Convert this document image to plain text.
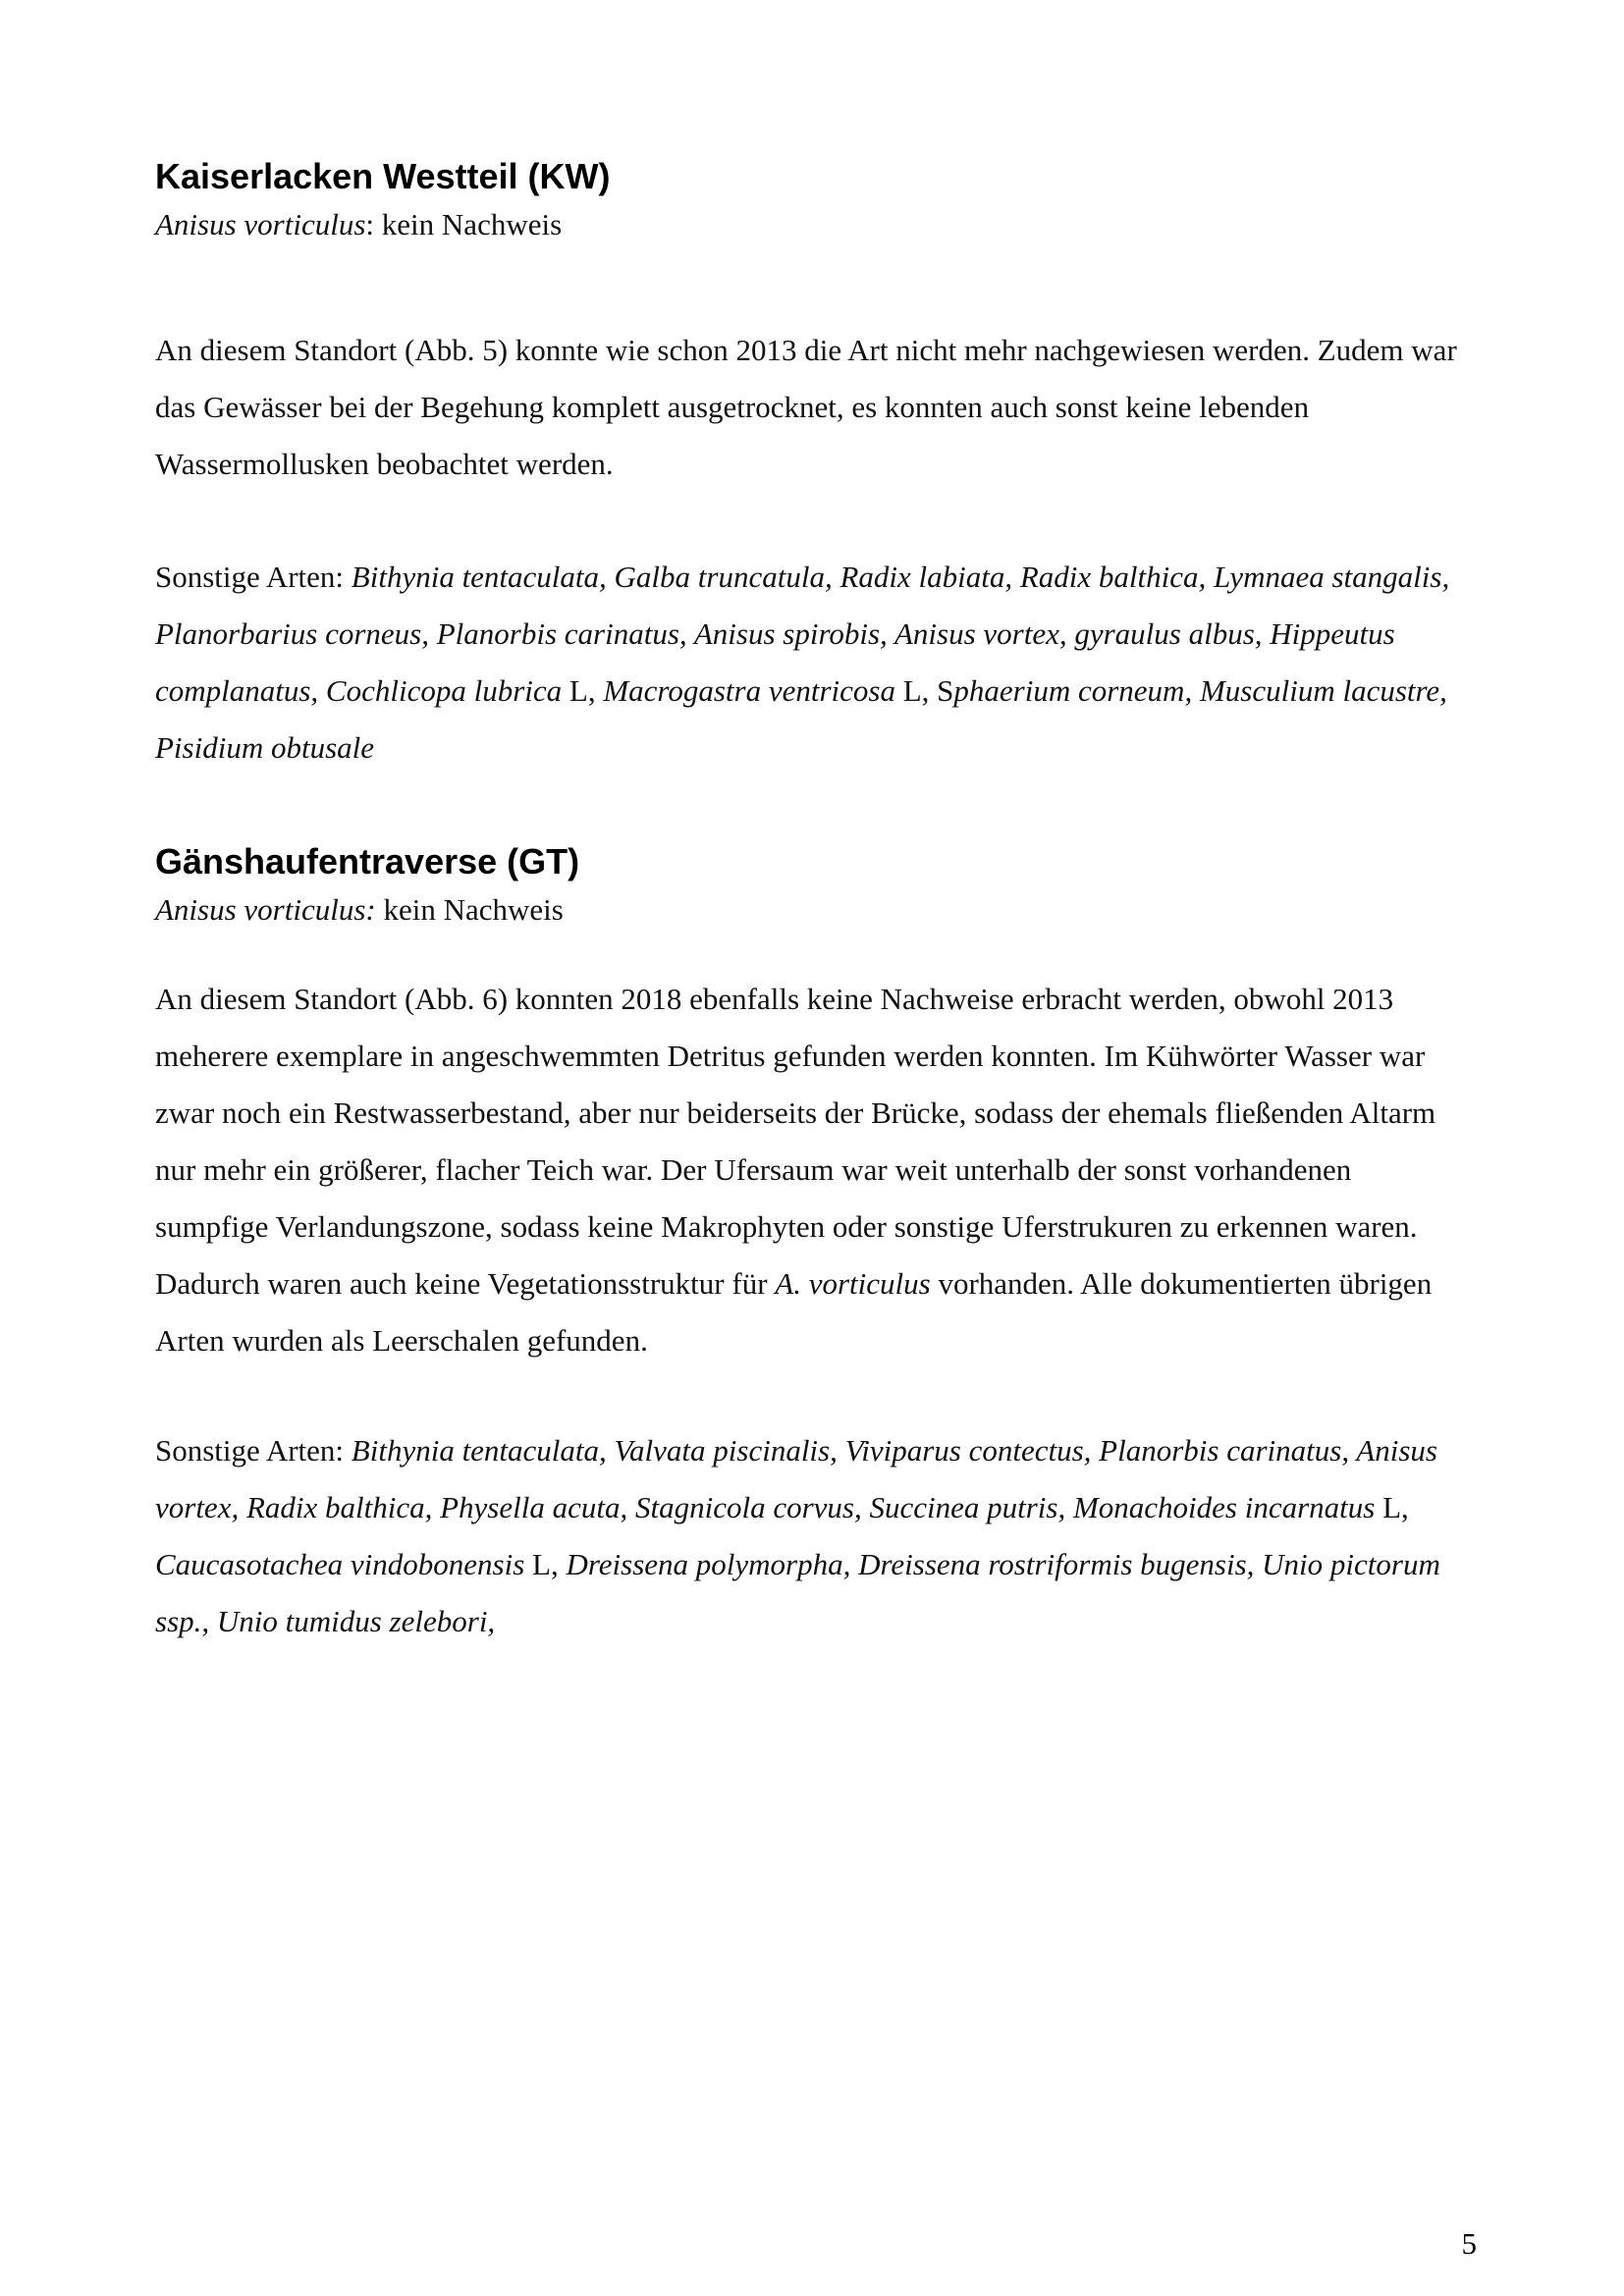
Kaiserlacken Westteil (KW)
Anisus vorticulus: kein Nachweis

An diesem Standort (Abb. 5) konnte wie schon 2013 die Art nicht mehr nachgewiesen werden. Zudem war das Gewässer bei der Begehung komplett ausgetrocknet, es konnten auch sonst keine lebenden Wassermollusken beobachtet werden.

Sonstige Arten: Bithynia tentaculata, Galba truncatula, Radix labiata, Radix balthica, Lymnaea stangalis, Planorbarius corneus, Planorbis carinatus, Anisus spirobis, Anisus vortex, gyraulus albus, Hippeutus complanatus, Cochlicopa lubrica L, Macrogastra ventricosa L, Sphaerium corneum, Musculium lacustre, Pisidium obtusale

Gänshaufentraverse (GT)
Anisus vorticulus: kein Nachweis

An diesem Standort (Abb. 6) konnten 2018 ebenfalls keine Nachweise erbracht werden, obwohl 2013 meherere exemplare in angeschwemmten Detritus gefunden werden konnten. Im Kühwörter Wasser war zwar noch ein Restwasserbestand, aber nur beiderseits der Brücke, sodass der ehemals fließenden Altarm nur mehr ein größerer, flacher Teich war. Der Ufersaum war weit unterhalb der sonst vorhandenen sumpfige Verlandungszone, sodass keine Makrophyten oder sonstige Uferstrukuren zu erkennen waren. Dadurch waren auch keine Vegetationsstruktur für A. vorticulus vorhanden. Alle dokumentierten übrigen Arten wurden als Leerschalen gefunden.

Sonstige Arten: Bithynia tentaculata, Valvata piscinalis, Viviparus contectus, Planorbis carinatus, Anisus vortex, Radix balthica, Physella acuta, Stagnicola corvus, Succinea putris, Monachoides incarnatus L, Caucasotachea vindobonensis L, Dreissena polymorpha, Dreissena rostriformis bugensis, Unio pictorum ssp., Unio tumidus zelebori,

5
